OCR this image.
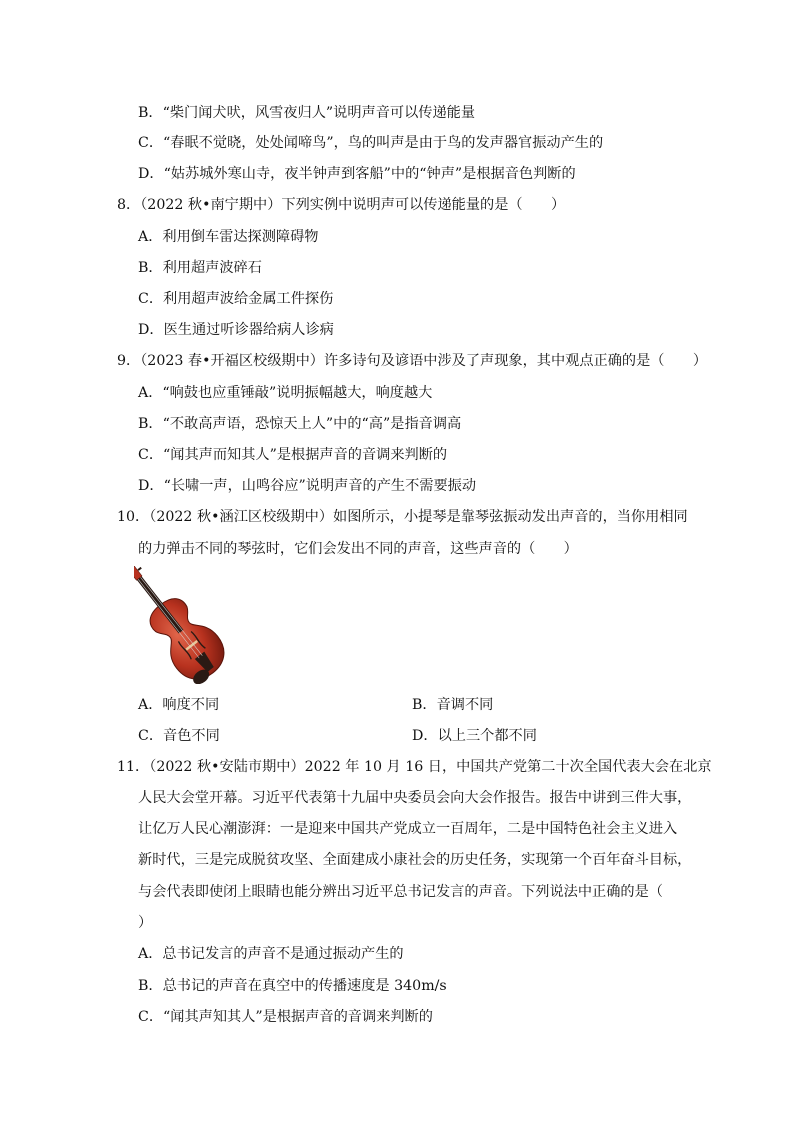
B．“柴门闻犬吠，风雪夜归人”说明声音可以传递能量
C．“春眠不觉晓，处处闻啼鸟”，鸟的叫声是由于鸟的发声器官振动产生的
D．“姑苏城外寒山寺，夜半钟声到客船”中的“钟声”是根据音色判断的
8．（2022 秋•南宁期中）下列实例中说明声可以传递能量的是（　　）
A．利用倒车雷达探测障碍物
B．利用超声波碎石
C．利用超声波给金属工件探伤
D．医生通过听诊器给病人诊病
9．（2023 春•开福区校级期中）许多诗句及谚语中涉及了声现象，其中观点正确的是（　　）
A．“响鼓也应重锤敲”说明振幅越大，响度越大
B．“不敢高声语，恐惊天上人”中的“高”是指音调高
C．“闻其声而知其人”是根据声音的音调来判断的
D．“长啸一声，山鸣谷应”说明声音的产生不需要振动
10．（2022 秋•涵江区校级期中）如图所示，小提琴是靠琴弦振动发出声音的，当你用相同
的力弹击不同的琴弦时，它们会发出不同的声音，这些声音的（　　）
A．响度不同	B．音调不同
C．音色不同	D．以上三个都不同
11．（2022 秋•安陆市期中）2022 年 10 月 16 日，中国共产党第二十次全国代表大会在北京
人民大会堂开幕。习近平代表第十九届中央委员会向大会作报告。报告中讲到三件大事，
让亿万人民心潮澎湃：一是迎来中国共产党成立一百周年，二是中国特色社会主义进入
新时代，三是完成脱贫攻坚、全面建成小康社会的历史任务，实现第一个百年奋斗目标，
与会代表即使闭上眼睛也能分辨出习近平总书记发言的声音。下列说法中正确的是（
）
A．总书记发言的声音不是通过振动产生的
B．总书记的声音在真空中的传播速度是 340m/s
C．“闻其声知其人”是根据声音的音调来判断的
